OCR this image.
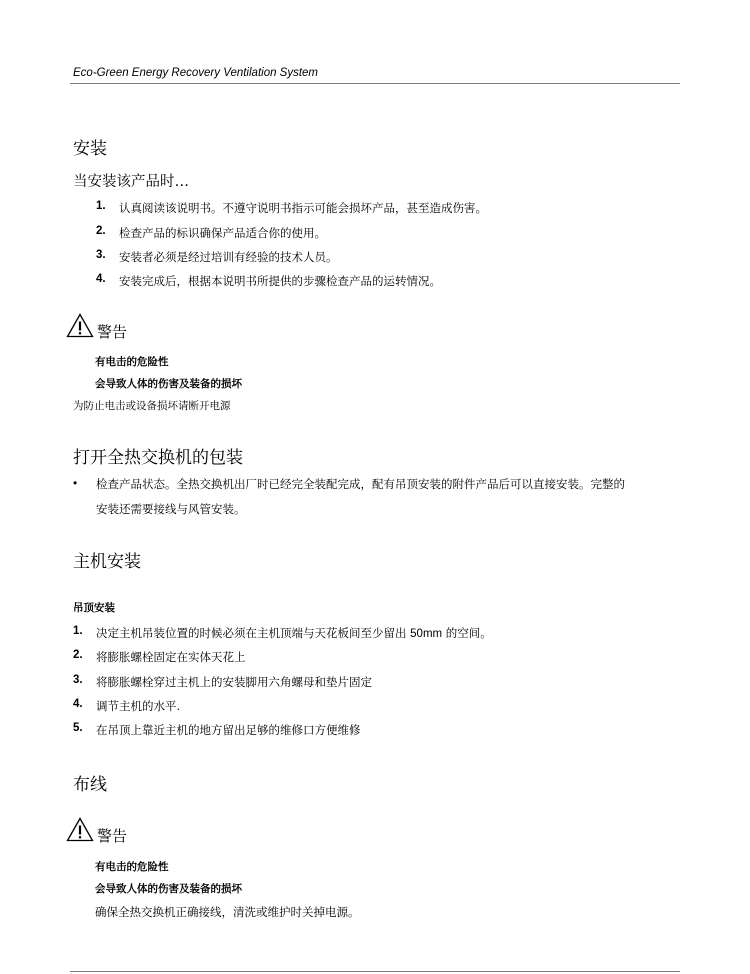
Eco-Green Energy Recovery Ventilation System
安装
当安装该产品时…
1. 认真阅读该说明书。不遵守说明书指示可能会损坏产品，甚至造成伤害。
2. 检查产品的标识确保产品适合你的使用。
3. 安装者必须是经过培训有经验的技术人员。
4. 安装完成后，根据本说明书所提供的步骤检查产品的运转情况。
警告
有电击的危险性
会导致人体的伤害及装备的损坏
为防止电击或设备损坏请断开电源
打开全热交换机的包装
• 检查产品状态。全热交换机出厂时已经完全装配完成，配有吊顶安装的附件产品后可以直接安装。完整的
安装还需要接线与风管安装。
主机安装
吊顶安装
1. 决定主机吊装位置的时候必须在主机顶端与天花板间至少留出 50mm 的空间。
2. 将膨胀螺栓固定在实体天花上
3. 将膨胀螺栓穿过主机上的安装脚用六角螺母和垫片固定
4. 调节主机的水平.
5. 在吊顶上靠近主机的地方留出足够的维修口方便维修
布线
警告
有电击的危险性
会导致人体的伤害及装备的损坏
确保全热交换机正确接线，清洗或维护时关掉电源。
